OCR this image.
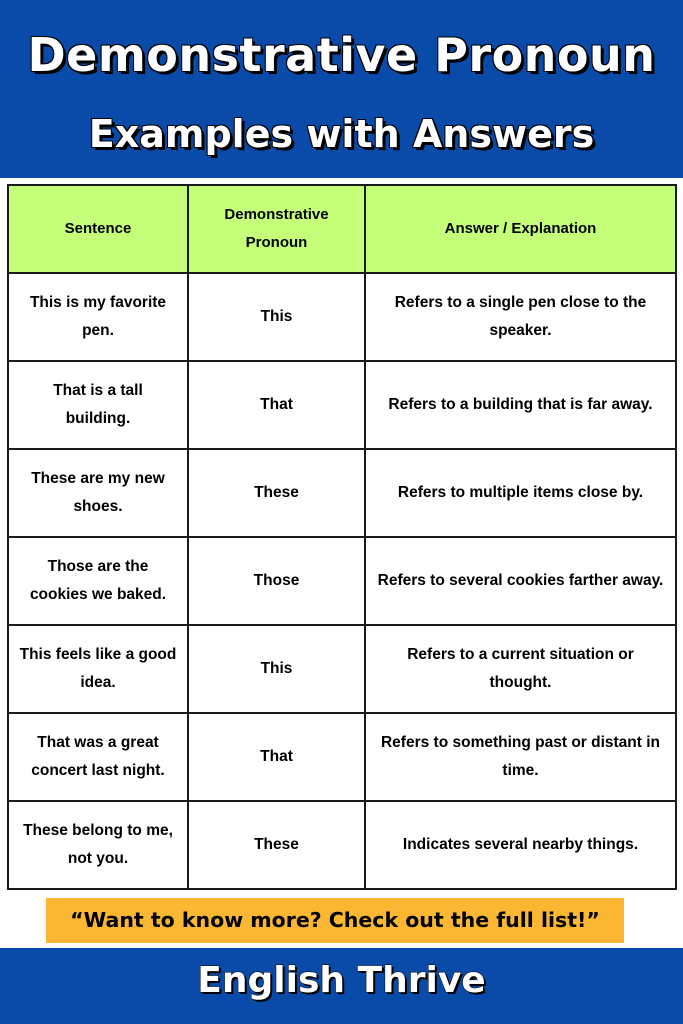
Demonstrative Pronoun
Examples with Answers
Sentence	Demonstrative Pronoun	Answer / Explanation
This is my favorite pen.	This	Refers to a single pen close to the speaker.
That is a tall building.	That	Refers to a building that is far away.
These are my new shoes.	These	Refers to multiple items close by.
Those are the cookies we baked.	Those	Refers to several cookies farther away.
This feels like a good idea.	This	Refers to a current situation or thought.
That was a great concert last night.	That	Refers to something past or distant in time.
These belong to me, not you.	These	Indicates several nearby things.
“Want to know more? Check out the full list!”
English Thrive
